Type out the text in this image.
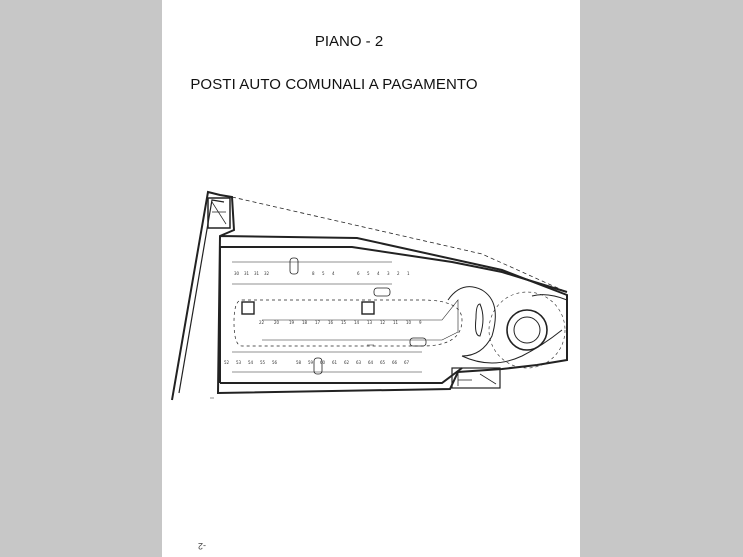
PIANO - 2
POSTI AUTO COMUNALI A PAGAMENTO
30 31 31 32	8 5 4	6 5 4 3 2 1
22 20 19 18 17 16 15 14 13 12 11 10 9
52 53 54 55 56	58 59 60 61 62 63 64 65 66 67
-2
